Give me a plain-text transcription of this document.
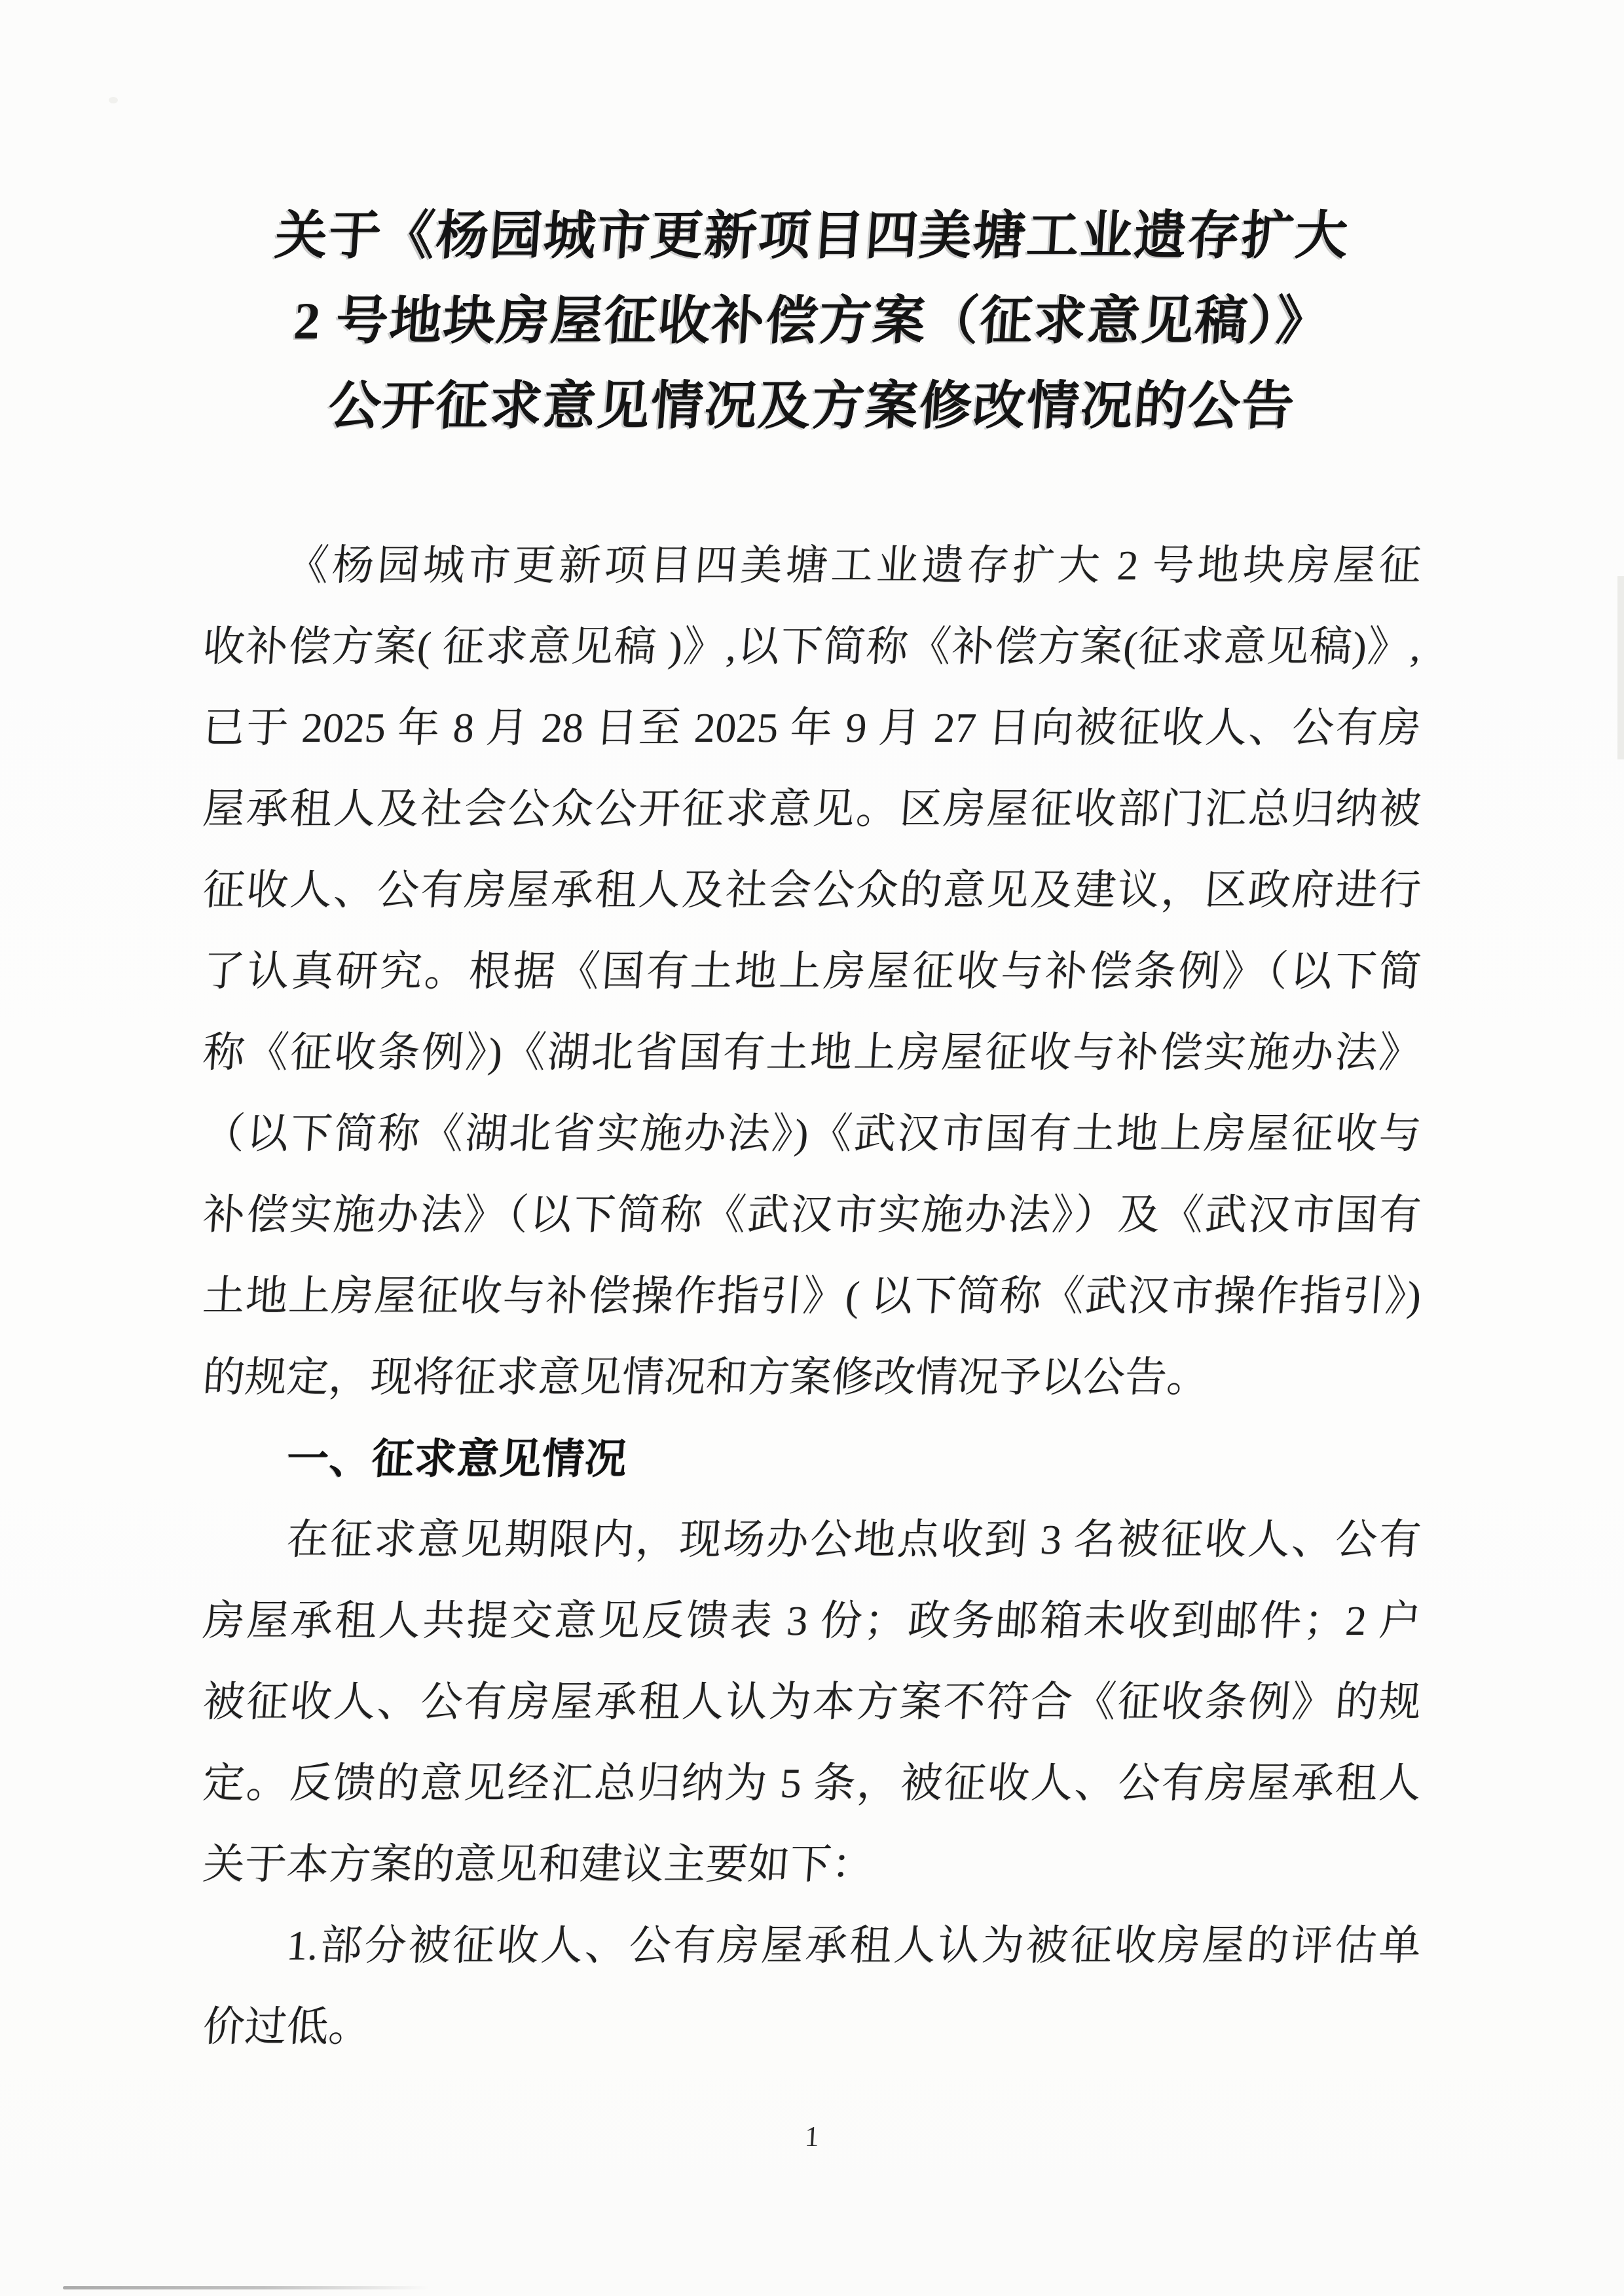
关于《杨园城市更新项目四美塘工业遗存扩大
2 号地块房屋征收补偿方案（征求意见稿）》
公开征求意见情况及方案修改情况的公告
《杨园城市更新项目四美塘工业遗存扩大 2 号地块房屋征
收补偿方案( 征求意见稿 )》,以下简称《补偿方案(征求意见稿)》,
已于 2025 年 8 月 28 日至 2025 年 9 月 27 日向被征收人、公有房
屋承租人及社会公众公开征求意见。区房屋征收部门汇总归纳被
征收人、公有房屋承租人及社会公众的意见及建议，区政府进行
了认真研究。根据《国有土地上房屋征收与补偿条例》（以下简
称《征收条例》)《湖北省国有土地上房屋征收与补偿实施办法》
（以下简称《湖北省实施办法》)《武汉市国有土地上房屋征收与
补偿实施办法》（以下简称《武汉市实施办法》）及《武汉市国有
土地上房屋征收与补偿操作指引》( 以下简称《武汉市操作指引》)
的规定，现将征求意见情况和方案修改情况予以公告。
一、征求意见情况
在征求意见期限内，现场办公地点收到 3 名被征收人、公有
房屋承租人共提交意见反馈表 3 份；政务邮箱未收到邮件；2 户
被征收人、公有房屋承租人认为本方案不符合《征收条例》的规
定。反馈的意见经汇总归纳为 5 条，被征收人、公有房屋承租人
关于本方案的意见和建议主要如下：
1.部分被征收人、公有房屋承租人认为被征收房屋的评估单
价过低。
1
